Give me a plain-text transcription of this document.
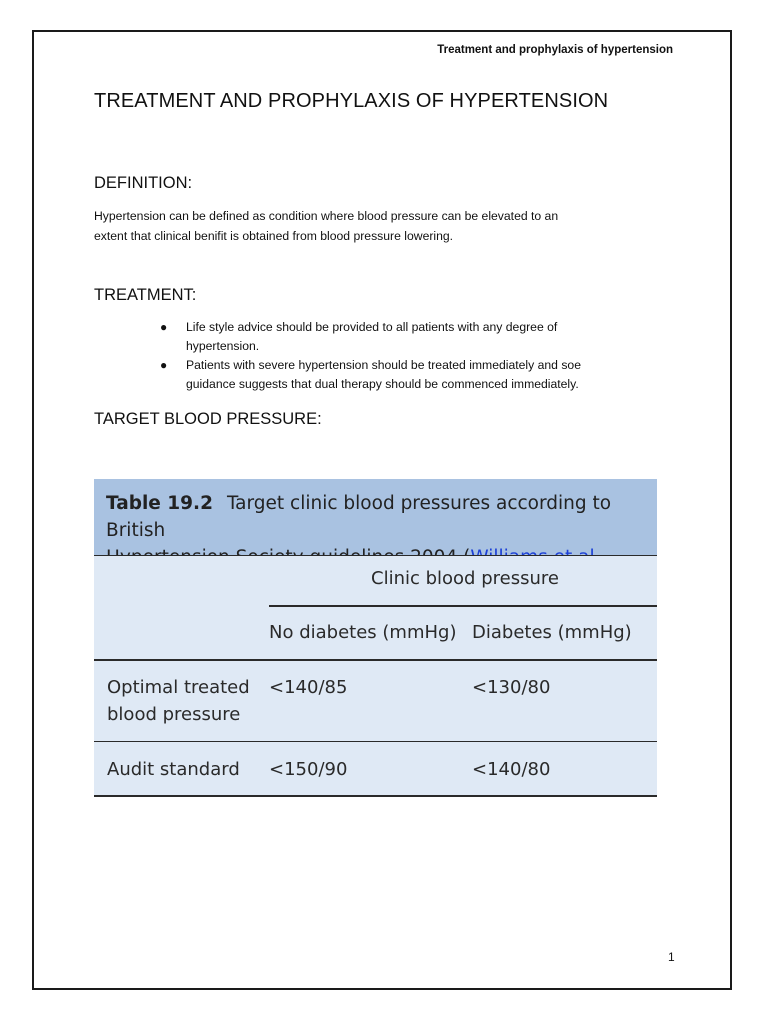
Treatment and prophylaxis of hypertension
TREATMENT AND PROPHYLAXIS OF HYPERTENSION
DEFINITION:
Hypertension can be defined as condition where blood pressure can be elevated to an
extent that clinical benifit is obtained from blood pressure lowering.
TREATMENT:
● Life style advice should be provided to all patients with any degree of
hypertension.
● Patients with severe hypertension should be treated immediately and soe
guidance suggests that dual therapy should be commenced immediately.
TARGET BLOOD PRESSURE:
Table 19.2 Target clinic blood pressures according to British
Clinic blood pressure
No diabetes (mmHg) Diabetes (mmHg)
Optimal treated
blood pressure
<140/85	<130/80
Audit standard <150/90	<140/80
1
